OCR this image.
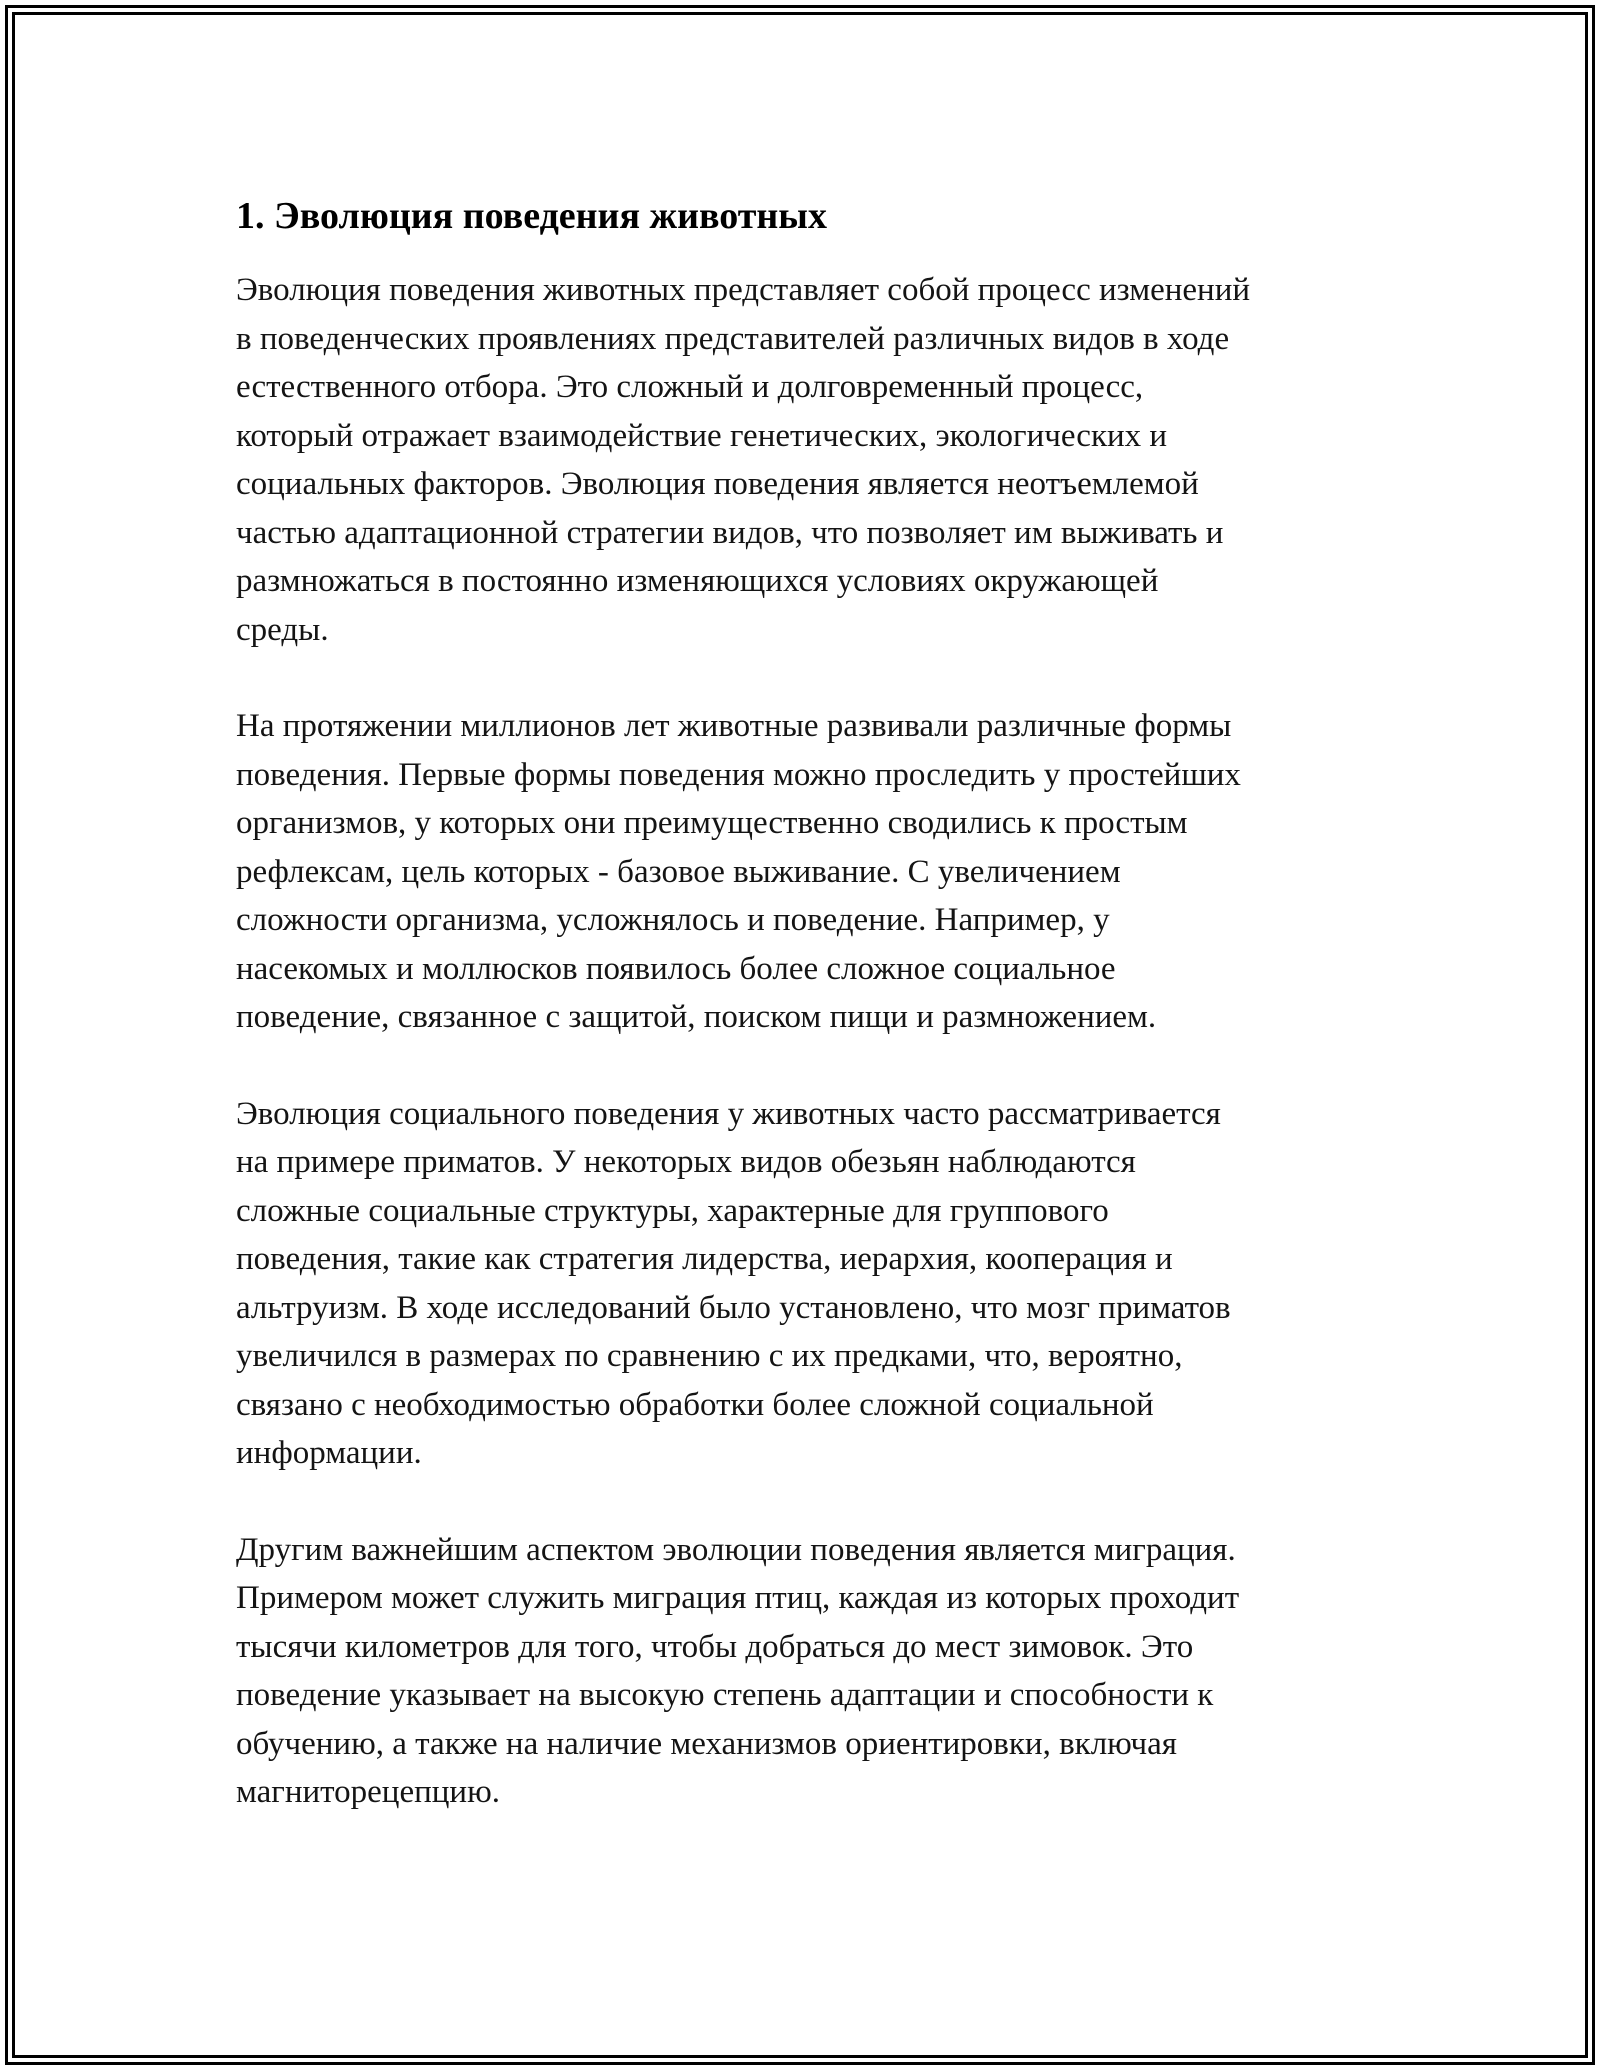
1. Эволюция поведения животных
Эволюция поведения животных представляет собой процесс изменений
в поведенческих проявлениях представителей различных видов в ходе
естественного отбора. Это сложный и долговременный процесс,
который отражает взаимодействие генетических, экологических и
социальных факторов. Эволюция поведения является неотъемлемой
частью адаптационной стратегии видов, что позволяет им выживать и
размножаться в постоянно изменяющихся условиях окружающей
среды.
На протяжении миллионов лет животные развивали различные формы
поведения. Первые формы поведения можно проследить у простейших
организмов, у которых они преимущественно сводились к простым
рефлексам, цель которых - базовое выживание. С увеличением
сложности организма, усложнялось и поведение. Например, у
насекомых и моллюсков появилось более сложное социальное
поведение, связанное с защитой, поиском пищи и размножением.
Эволюция социального поведения у животных часто рассматривается
на примере приматов. У некоторых видов обезьян наблюдаются
сложные социальные структуры, характерные для группового
поведения, такие как стратегия лидерства, иерархия, кооперация и
альтруизм. В ходе исследований было установлено, что мозг приматов
увеличился в размерах по сравнению с их предками, что, вероятно,
связано с необходимостью обработки более сложной социальной
информации.
Другим важнейшим аспектом эволюции поведения является миграция.
Примером может служить миграция птиц, каждая из которых проходит
тысячи километров для того, чтобы добраться до мест зимовок. Это
поведение указывает на высокую степень адаптации и способности к
обучению, а также на наличие механизмов ориентировки, включая
магниторецепцию.
